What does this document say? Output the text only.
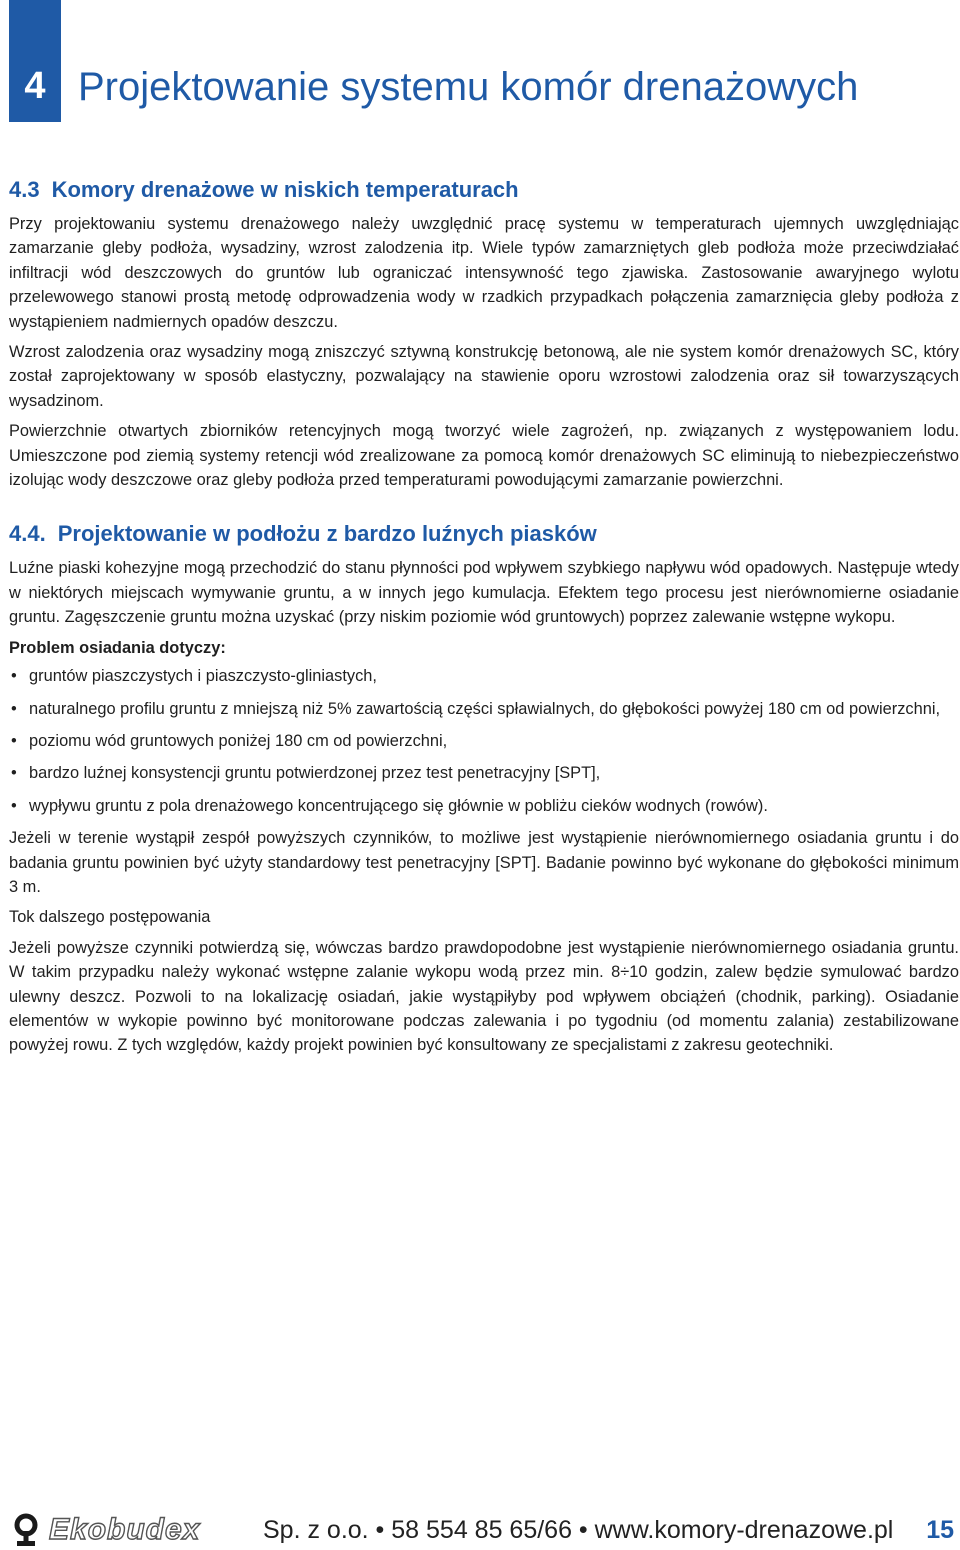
4 Projektowanie systemu komór drenażowych
4.3 Komory drenażowe w niskich temperaturach

Przy projektowaniu systemu drenażowego należy uwzględnić pracę systemu w temperaturach ujemnych uwzględniając zamarzanie gleby podłoża, wysadziny, wzrost zalodzenia itp. Wiele typów zamarzniętych gleb podłoża może przeciwdziałać infiltracji wód deszczowych do gruntów lub ograniczać intensywność tego zjawiska. Zastosowanie awaryjnego wylotu przelewowego stanowi prostą metodę odprowadzenia wody w rzadkich przypadkach połączenia zamarznięcia gleby podłoża z wystąpieniem nadmiernych opadów deszczu.

Wzrost zalodzenia oraz wysadziny mogą zniszczyć sztywną konstrukcję betonową, ale nie system komór drenażowych SC, który został zaprojektowany w sposób elastyczny, pozwalający na stawienie oporu wzrostowi zalodzenia oraz sił towarzyszących wysadzinom.

Powierzchnie otwartych zbiorników retencyjnych mogą tworzyć wiele zagrożeń, np. związanych z występowaniem lodu. Umieszczone pod ziemią systemy retencji wód zrealizowane za pomocą komór drenażowych SC eliminują to niebezpieczeństwo izolując wody deszczowe oraz gleby podłoża przed temperaturami powodującymi zamarzanie powierzchni.

4.4. Projektowanie w podłożu z bardzo luźnych piasków

Luźne piaski kohezyjne mogą przechodzić do stanu płynności pod wpływem szybkiego napływu wód opadowych. Następuje wtedy w niektórych miejscach wymywanie gruntu, a w innych jego kumulacja. Efektem tego procesu jest nierównomierne osiadanie gruntu. Zagęszczenie gruntu można uzyskać (przy niskim poziomie wód gruntowych) poprzez zalewanie wstępne wykopu.

Problem osiadania dotyczy:

• gruntów piaszczystych i piaszczysto-gliniastych,
• naturalnego profilu gruntu z mniejszą niż 5% zawartością części spławialnych, do głębokości powyżej 180 cm od powierzchni,
• poziomu wód gruntowych poniżej 180 cm od powierzchni,
• bardzo luźnej konsystencji gruntu potwierdzonej przez test penetracyjny [SPT],
• wypływu gruntu z pola drenażowego koncentrującego się głównie w pobliżu cieków wodnych (rowów).

Jeżeli w terenie wystąpił zespół powyższych czynników, to możliwe jest wystąpienie nierównomiernego osiadania gruntu i do badania gruntu powinien być użyty standardowy test penetracyjny [SPT]. Badanie powinno być wykonane do głębokości minimum 3 m.

Tok dalszego postępowania

Jeżeli powyższe czynniki potwierdzą się, wówczas bardzo prawdopodobne jest wystąpienie nierównomiernego osiadania gruntu. W takim przypadku należy wykonać wstępne zalanie wykopu wodą przez min. 8÷10 godzin, zalew będzie symulować bardzo ulewny deszcz. Pozwoli to na lokalizację osiadań, jakie wystąpiłyby pod wpływem obciążeń (chodnik, parking). Osiadanie elementów w wykopie powinno być monitorowane podczas zalewania i po tygodniu (od momentu zalania) zestabilizowane powyżej rowu. Z tych względów, każdy projekt powinien być konsultowany ze specjalistami z zakresu geotechniki.

Ekobudex	Sp. z o.o. • 58 554 85 65/66 • www.komory-drenazowe.pl 15
